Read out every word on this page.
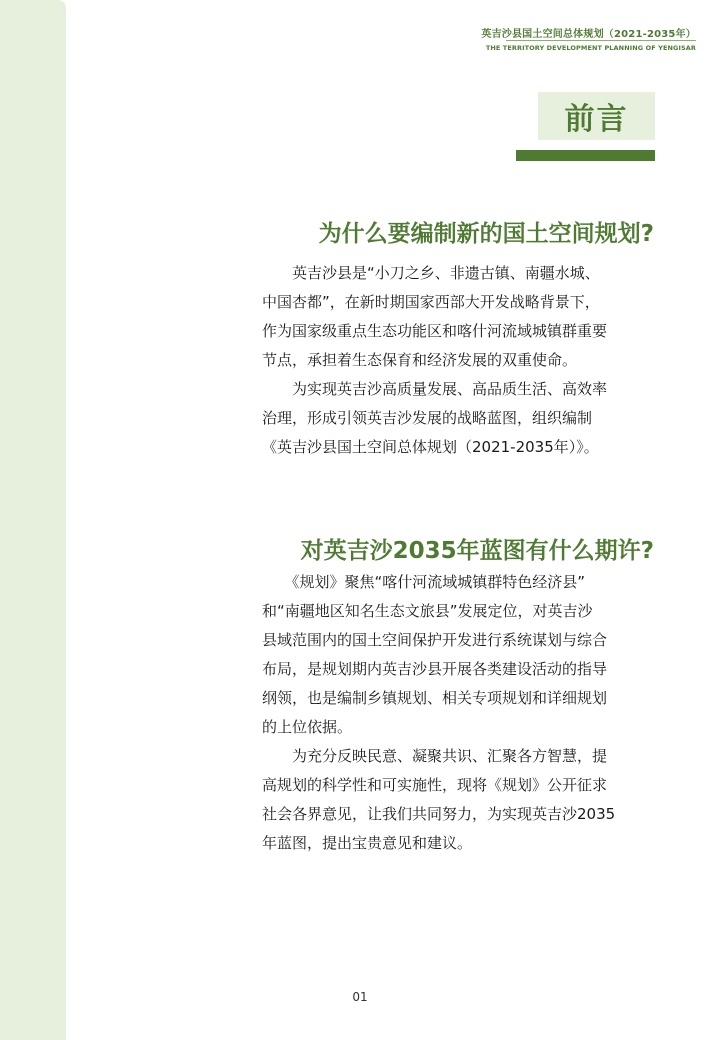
英吉沙县国土空间总体规划（2021-2035年）
THE TERRITORY DEVELOPMENT PLANNING OF YENGISAR
前言
为什么要编制新的国土空间规划?

　　英吉沙县是“小刀之乡、非遗古镇、南疆水城、

中国杏都”，在新时期国家西部大开发战略背景下，

作为国家级重点生态功能区和喀什河流域城镇群重要

节点，承担着生态保育和经济发展的双重使命。

　　为实现英吉沙高质量发展、高品质生活、高效率

治理，形成引领英吉沙发展的战略蓝图，组织编制

《英吉沙县国土空间总体规划（2021-2035年）》。

对英吉沙2035年蓝图有什么期许?

　　《规划》聚焦“喀什河流域城镇群特色经济县”

和“南疆地区知名生态文旅县”发展定位，对英吉沙

县域范围内的国土空间保护开发进行系统谋划与综合

布局，是规划期内英吉沙县开展各类建设活动的指导

纲领，也是编制乡镇规划、相关专项规划和详细规划

的上位依据。

　　为充分反映民意、凝聚共识、汇聚各方智慧，提

高规划的科学性和可实施性，现将《规划》公开征求

社会各界意见，让我们共同努力，为实现英吉沙2035

年蓝图，提出宝贵意见和建议。

01
